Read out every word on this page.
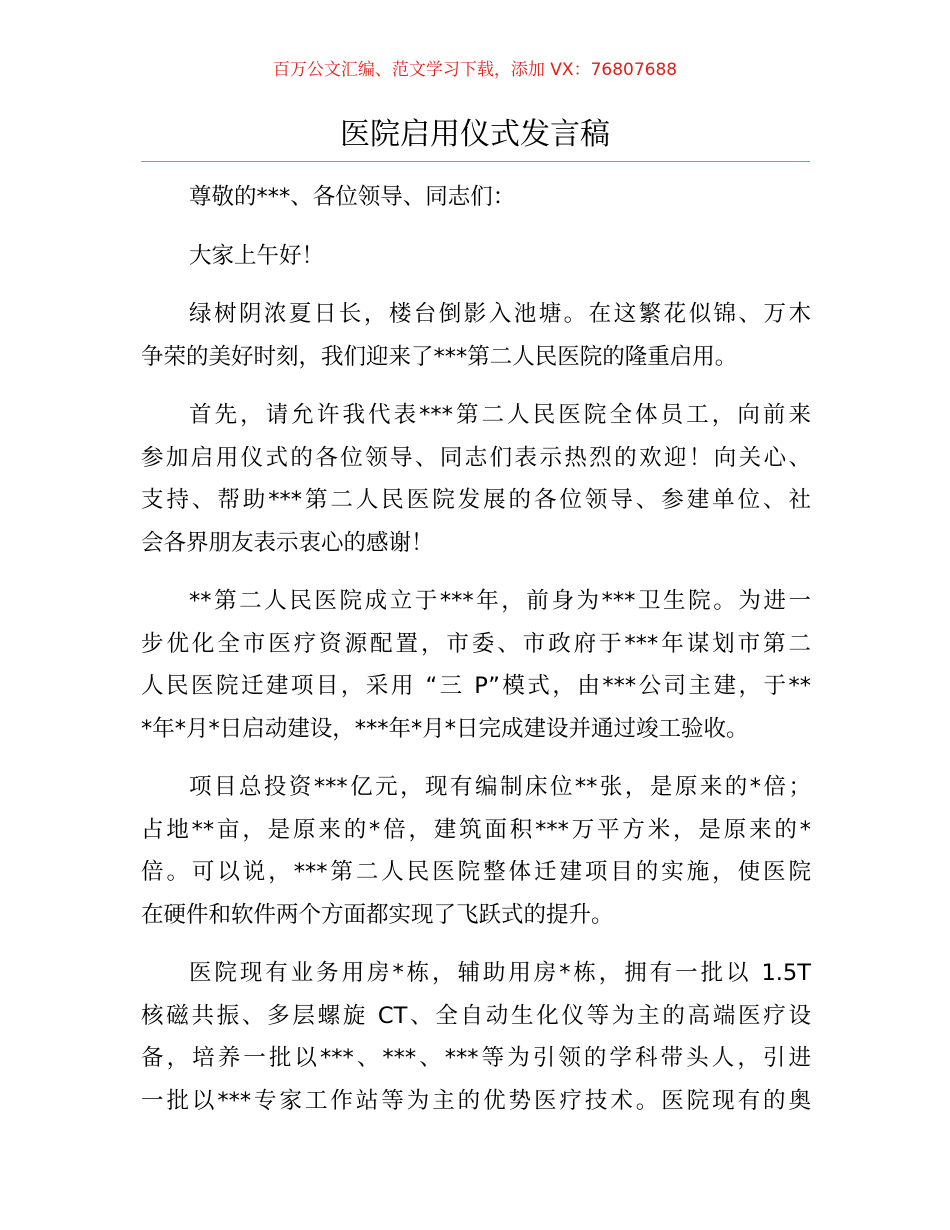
百万公文汇编、范文学习下载，添加 VX：76807688
医院启用仪式发言稿

尊敬的***、各位领导、同志们：

大家上午好！

绿树阴浓夏日长，楼台倒影入池塘。在这繁花似锦、万木
争荣的美好时刻，我们迎来了***第二人民医院的隆重启用。

首先，请允许我代表***第二人民医院全体员工，向前来
参加启用仪式的各位领导、同志们表示热烈的欢迎！向关心、
支持、帮助***第二人民医院发展的各位领导、参建单位、社
会各界朋友表示衷心的感谢！

**第二人民医院成立于***年，前身为***卫生院。为进一
步优化全市医疗资源配置，市委、市政府于***年谋划市第二
人民医院迁建项目，采用 “三 P”模式，由***公司主建，于**
*年*月*日启动建设，***年*月*日完成建设并通过竣工验收。

项目总投资***亿元，现有编制床位**张，是原来的*倍；
占地**亩，是原来的*倍，建筑面积***万平方米，是原来的*
倍。可以说，***第二人民医院整体迁建项目的实施，使医院
在硬件和软件两个方面都实现了飞跃式的提升。

医院现有业务用房*栋，辅助用房*栋，拥有一批以 1.5T
核磁共振、多层螺旋 CT、全自动生化仪等为主的高端医疗设
备，培养一批以***、***、***等为引领的学科带头人，引进
一批以***专家工作站等为主的优势医疗技术。医院现有的奥
